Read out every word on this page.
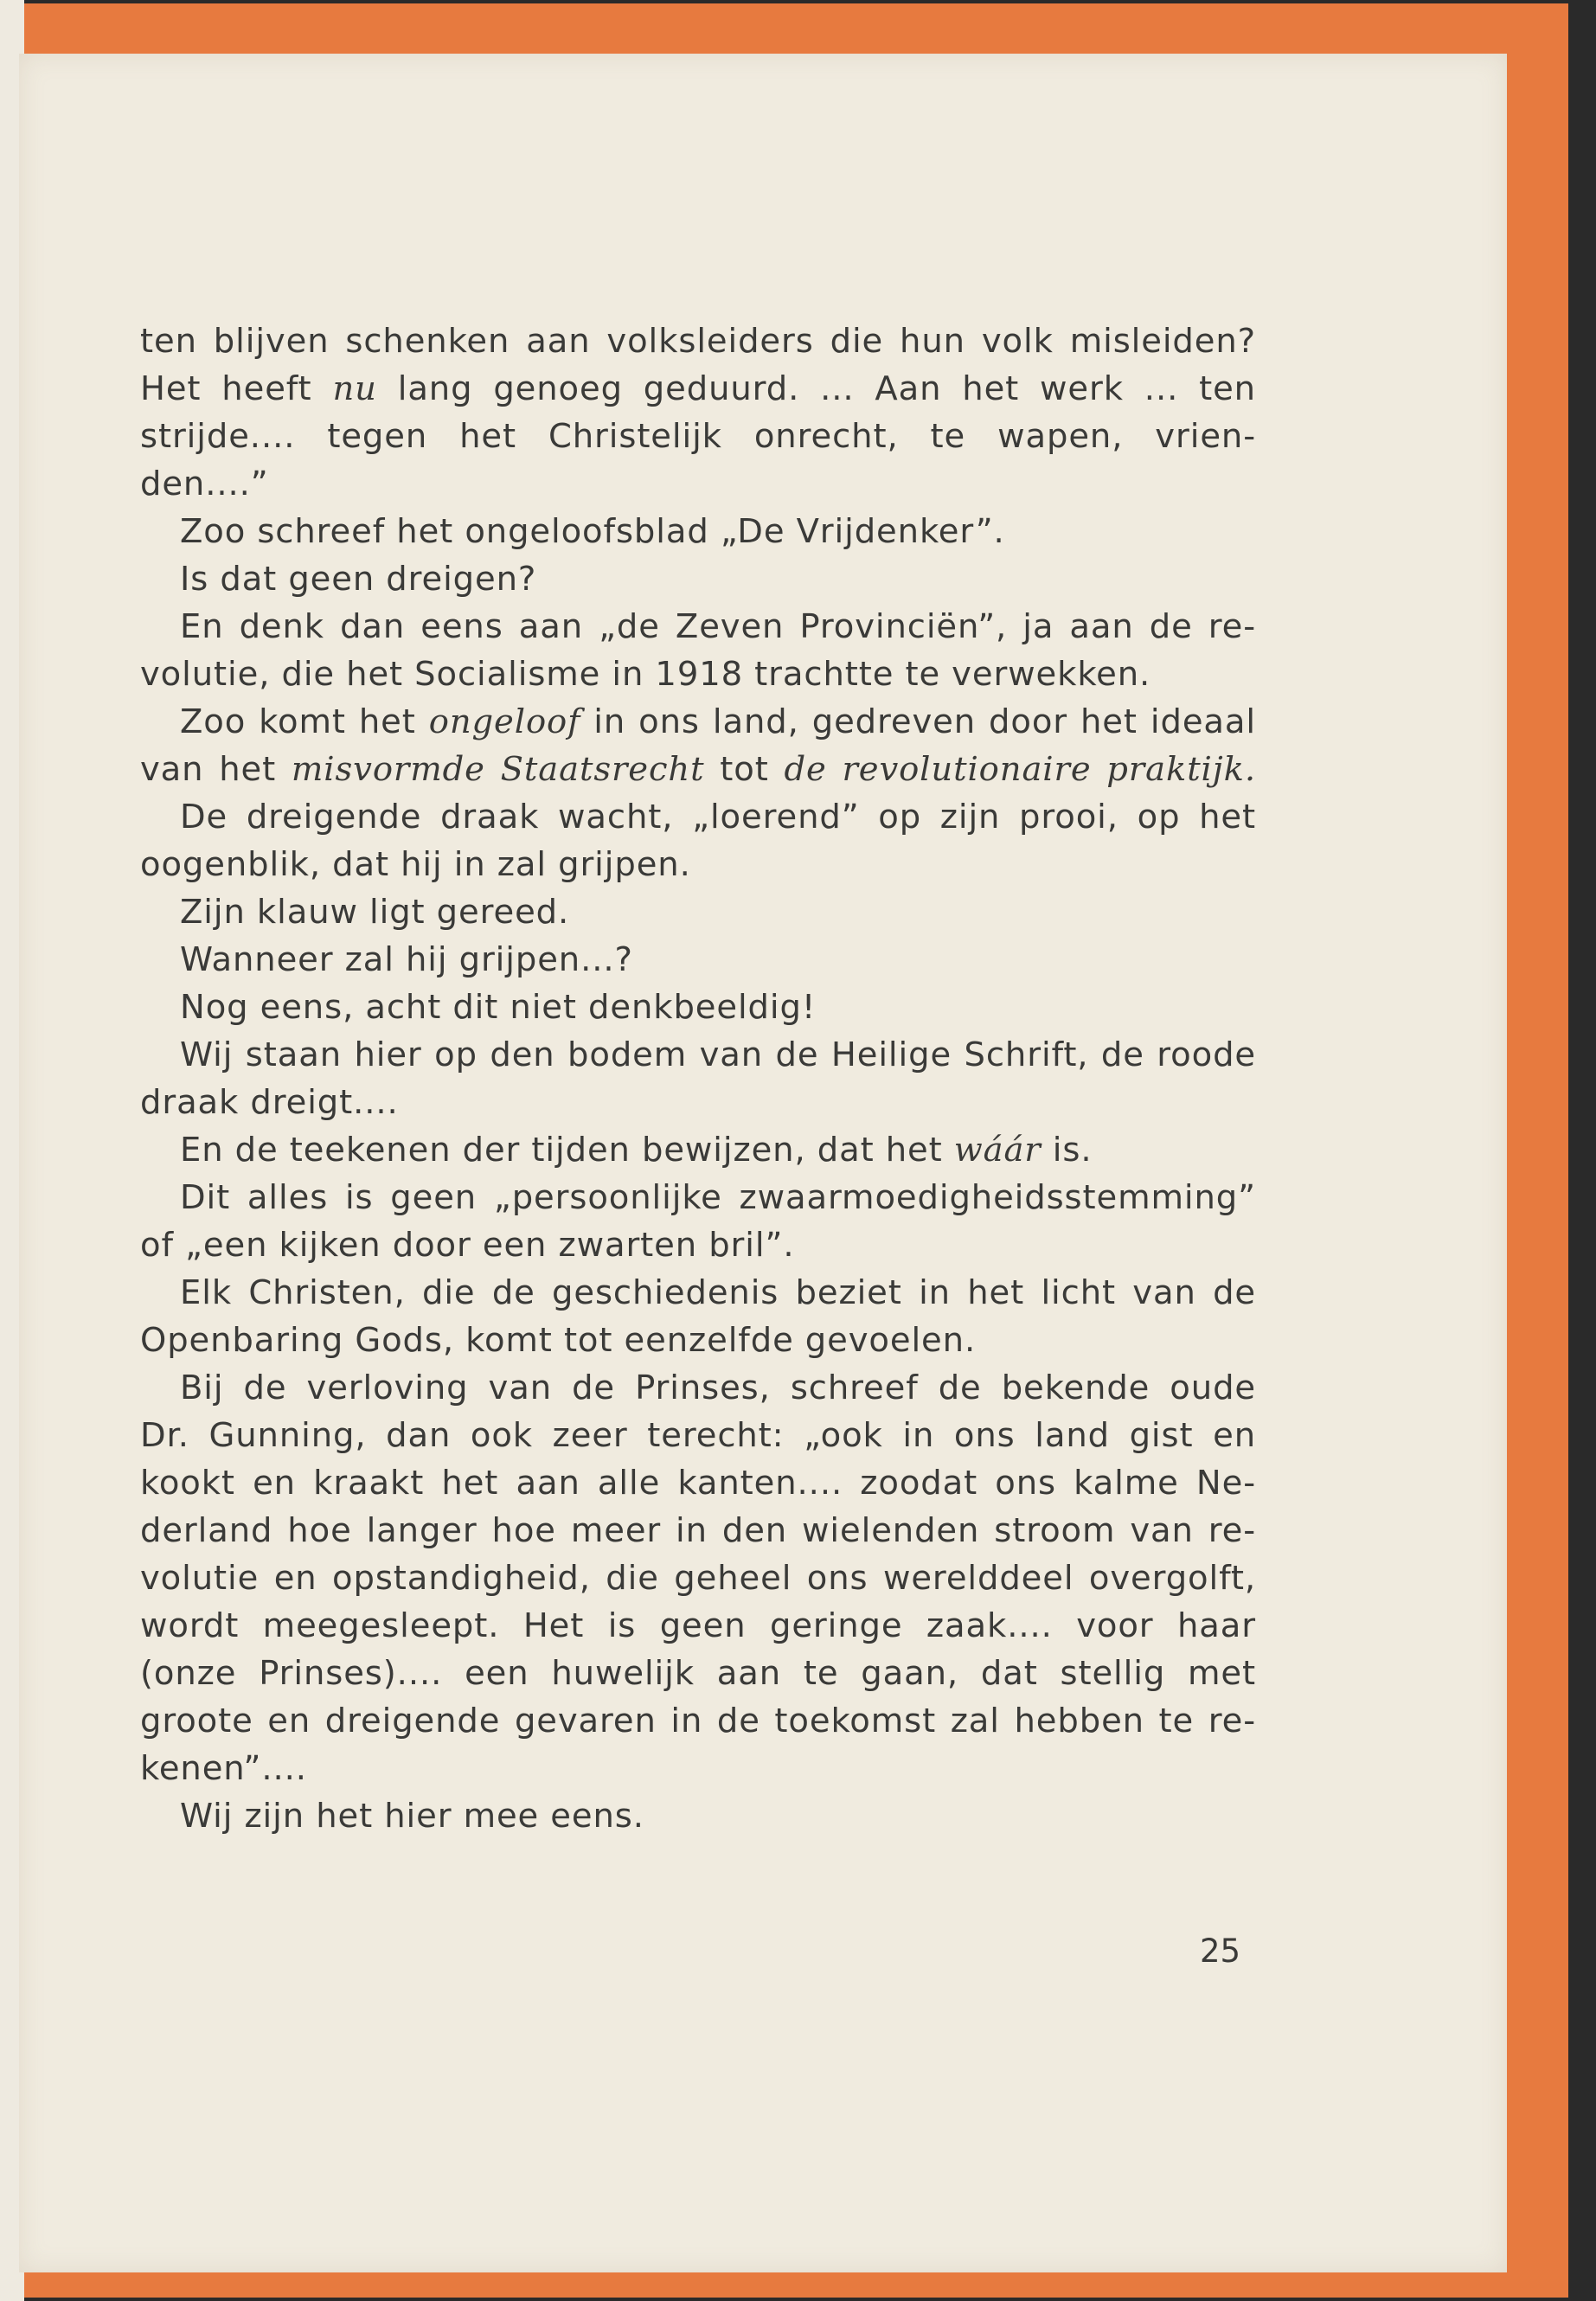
ten blijven schenken aan volksleiders die hun volk misleiden?

Het heeft nu lang genoeg geduurd. ... Aan het werk ... ten

strijde.... tegen het Christelijk onrecht, te wapen, vrien-

den....”

Zoo schreef het ongeloofsblad „De Vrijdenker”.

Is dat geen dreigen?

En denk dan eens aan „de Zeven Provinciën”, ja aan de re-

volutie, die het Socialisme in 1918 trachtte te verwekken.

Zoo komt het ongeloof in ons land, gedreven door het ideaal

van het misvormde Staatsrecht tot de revolutionaire praktijk.

De dreigende draak wacht, „loerend” op zijn prooi, op het

oogenblik, dat hij in zal grijpen.

Zijn klauw ligt gereed.

Wanneer zal hij grijpen...?

Nog eens, acht dit niet denkbeeldig!

Wij staan hier op den bodem van de Heilige Schrift, de roode

draak dreigt....

En de teekenen der tijden bewijzen, dat het wáár is.

Dit alles is geen „persoonlijke zwaarmoedigheidsstemming”

of „een kijken door een zwarten bril”.

Elk Christen, die de geschiedenis beziet in het licht van de

Openbaring Gods, komt tot eenzelfde gevoelen.

Bij de verloving van de Prinses, schreef de bekende oude

Dr. Gunning, dan ook zeer terecht: „ook in ons land gist en

kookt en kraakt het aan alle kanten.... zoodat ons kalme Ne-

derland hoe langer hoe meer in den wielenden stroom van re-

volutie en opstandigheid, die geheel ons werelddeel overgolft,

wordt meegesleept. Het is geen geringe zaak.... voor haar

(onze Prinses).... een huwelijk aan te gaan, dat stellig met

groote en dreigende gevaren in de toekomst zal hebben te re-

kenen”....

Wij zijn het hier mee eens.

25
